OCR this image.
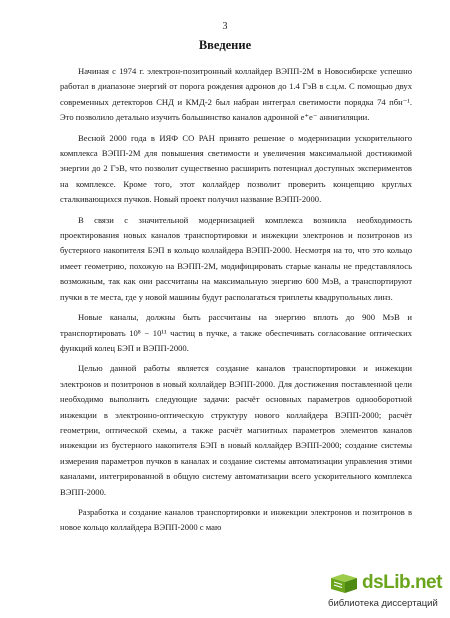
3
Введение

Начиная с 1974 г. электрон-позитронный коллайдер ВЭПП-2М в Новосибирске успешно работал в диапазоне энергий от порога рождения адронов до 1.4 ГэВ в с.ц.м. С помощью двух современных детекторов СНД и КМД-2 был набран интеграл светимости порядка 74 пбн⁻¹. Это позволило детально изучить большинство каналов адронной e⁺e⁻ аннигиляции.

Весной 2000 года в ИЯФ СО РАН принято решение о модернизации ускорительного комплекса ВЭПП-2М для повышения светимости и увеличения максимальной достижимой энергии до 2 ГэВ, что позволит существенно расширить потенциал доступных экспериментов на комплексе. Кроме того, этот коллайдер позволит проверить концепцию круглых сталкивающихся пучков. Новый проект получил название ВЭПП-2000.

В связи с значительной модернизацией комплекса возникла необходимость проектирования новых каналов транспортировки и инжекции электронов и позитронов из бустерного накопителя БЭП в кольцо коллайдера ВЭПП-2000. Несмотря на то, что это кольцо имеет геометрию, похожую на ВЭПП-2М, модифицировать старые каналы не представлялось возможным, так как они рассчитаны на максимальную энергию 600 МэВ, а транспортируют пучки в те места, где у новой машины будут располагаться триплеты квадрупольных линз.

Новые каналы, должны быть рассчитаны на энергию вплоть до 900 МэВ и транспортировать 10⁸ − 10¹¹ частиц в пучке, а также обеспечивать согласование оптических функций колец БЭП и ВЭПП-2000.

Целью данной работы является создание каналов транспортировки и инжекции электронов и позитронов в новый коллайдер ВЭПП-2000. Для достижения поставленной цели необходимо выполнить следующие задачи: расчёт основных параметров однооборотной инжекции в электронно-оптическую структуру нового коллайдера ВЭПП-2000; расчёт геометрии, оптической схемы, а также расчёт магнитных параметров элементов каналов инжекции из бустерного накопителя БЭП в новый коллайдер ВЭПП-2000; создание системы измерения параметров пучков в каналах и создание системы автоматизации управления этими каналами, интегрированной в общую систему автоматизации всего ускорительного комплекса ВЭПП-2000.

Разработка и создание каналов транспортировки и инжекции электронов и позитронов в новое кольцо коллайдера ВЭПП-2000 с маю

dsLib.net
библиотека диссертаций
